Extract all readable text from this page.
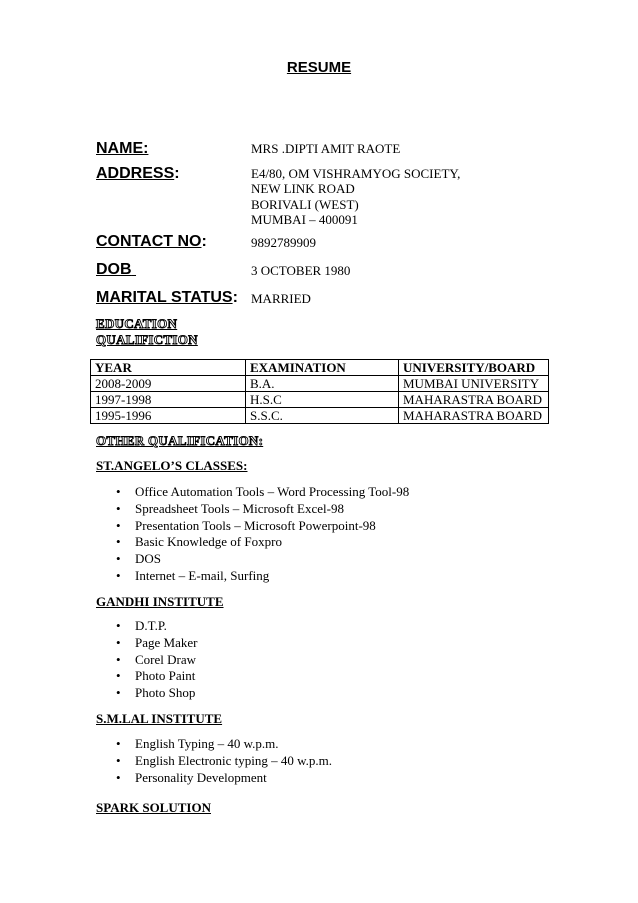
RESUME
NAME:	MRS .DIPTI AMIT RAOTE
ADDRESS:	E4/80, OM VISHRAMYOG SOCIETY,
NEW LINK ROAD
BORIVALI (WEST)
MUMBAI – 400091
CONTACT NO:	9892789909
DOB	3 OCTOBER 1980
MARITAL STATUS: MARRIED
EDUCATION
QUALIFICTION
YEAR	EXAMINATION	UNIVERSITY/BOARD
2008-2009	B.A.	MUMBAI UNIVERSITY
1997-1998	H.S.C	MAHARASTRA BOARD
1995-1996	S.S.C.	MAHARASTRA BOARD
OTHER QUALIFICATION:
ST.ANGELO’S CLASSES:
• Office Automation Tools – Word Processing Tool-98
• Spreadsheet Tools – Microsoft Excel-98
• Presentation Tools – Microsoft Powerpoint-98
• Basic Knowledge of Foxpro
• DOS
• Internet – E-mail, Surfing
GANDHI INSTITUTE
• D.T.P.
• Page Maker
• Corel Draw
• Photo Paint
• Photo Shop
S.M.LAL INSTITUTE
• English Typing – 40 w.p.m.
• English Electronic typing – 40 w.p.m.
• Personality Development
SPARK SOLUTION
